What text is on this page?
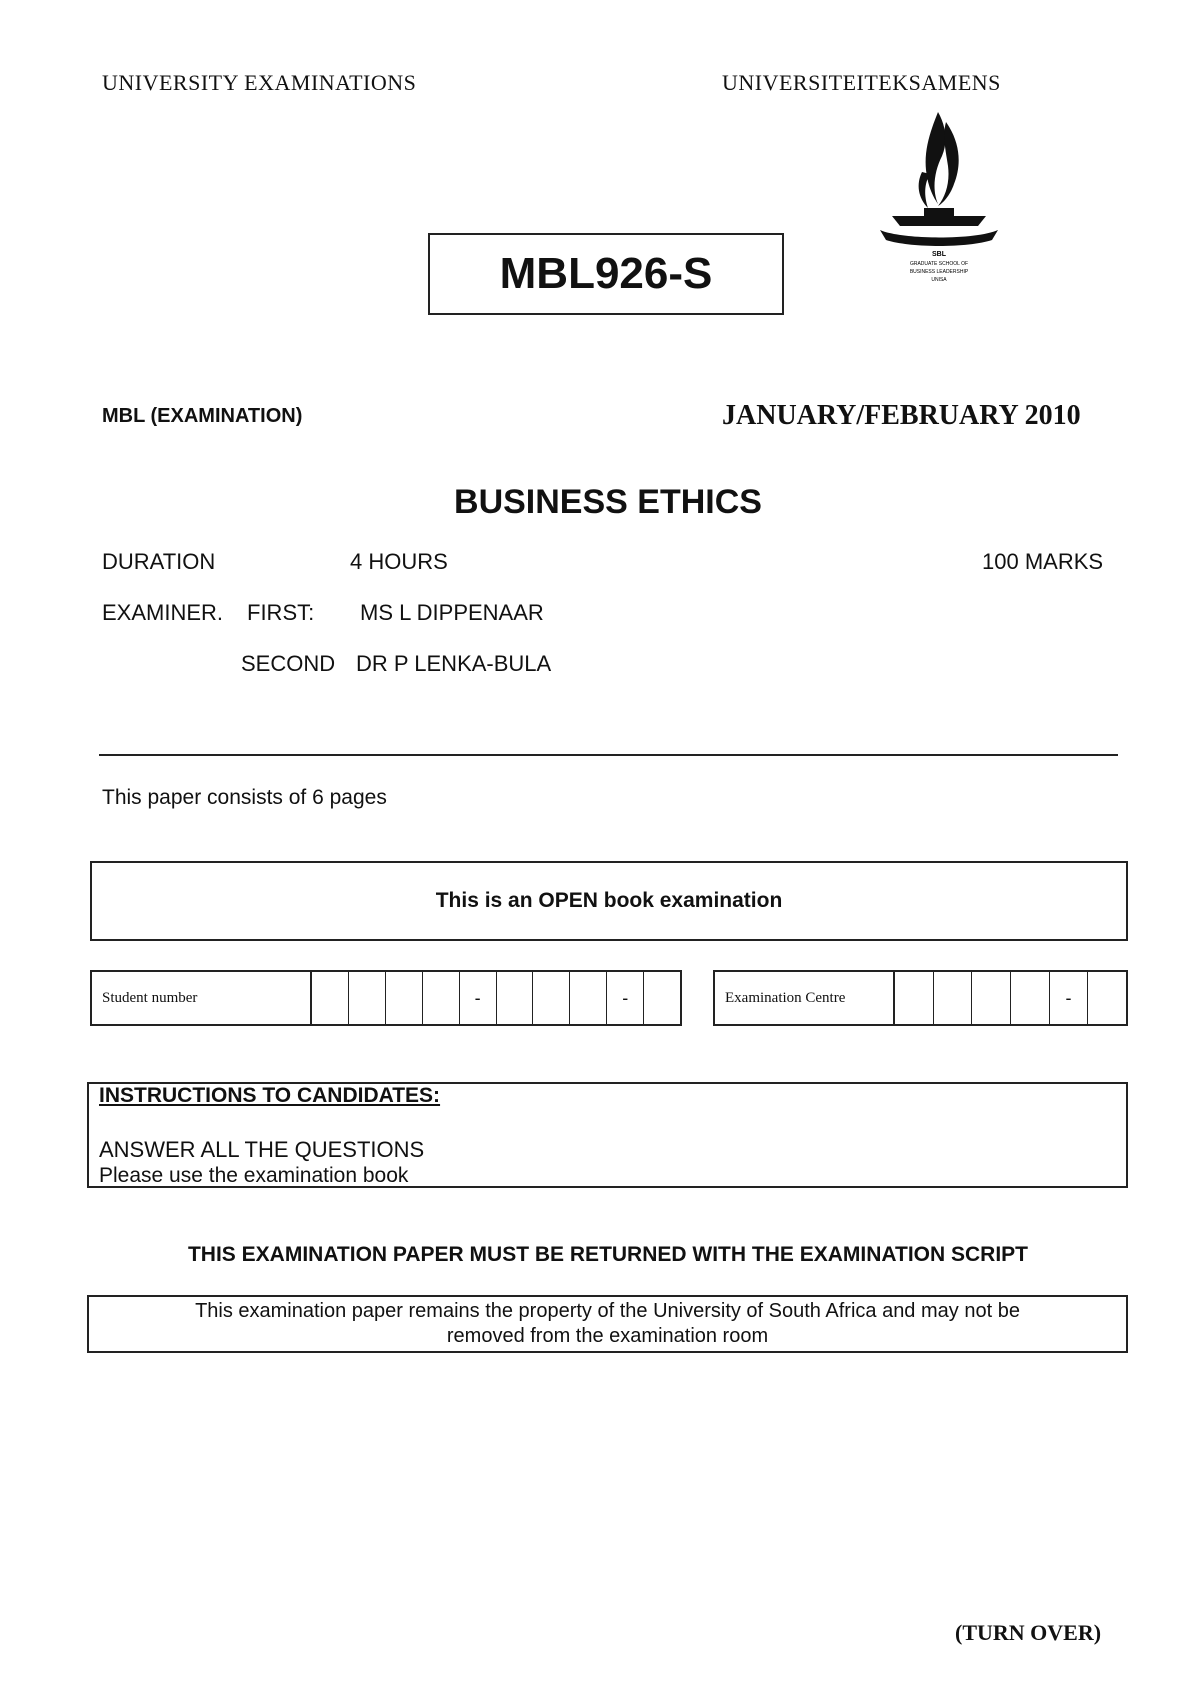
UNIVERSITY EXAMINATIONS	UNIVERSITEITEKSAMENS
MBL926-S	SBL
GRADUATE SCHOOL OF
BUSINESS LEADERSHIP
UNISA
MBL (EXAMINATION)	JANUARY/FEBRUARY 2010
BUSINESS ETHICS
DURATION	4 HOURS	100 MARKS
EXAMINER. FIRST: MS L DIPPENAAR
SECOND DR P LENKA-BULA
This paper consists of 6 pages
This is an OPEN book examination
Student number	-	-	Examination Centre	-
INSTRUCTIONS TO CANDIDATES:
ANSWER ALL THE QUESTIONS
Please use the examination book
THIS EXAMINATION PAPER MUST BE RETURNED WITH THE EXAMINATION SCRIPT
This examination paper remains the property of the University of South Africa and may not be removed from the examination room
(TURN OVER)
